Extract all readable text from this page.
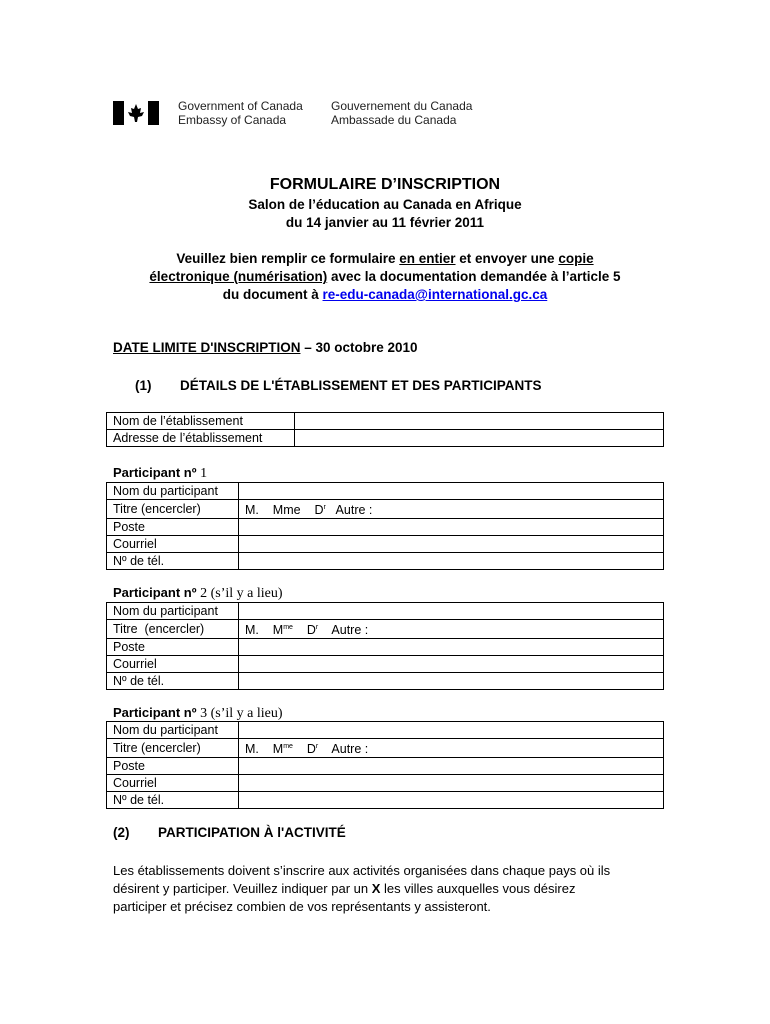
Government of Canada
Embassy of Canada
Gouvernement du Canada
Ambassade du Canada
FORMULAIRE D’INSCRIPTION
Salon de l’éducation au Canada en Afrique
du 14 janvier au 11 février 2011
Veuillez bien remplir ce formulaire en entier et envoyer une copie
électronique (numérisation) avec la documentation demandée à l’article 5
du document à re-edu-canada@international.gc.ca
DATE LIMITE D'INSCRIPTION – 30 octobre 2010
(1) DÉTAILS DE L'ÉTABLISSEMENT ET DES PARTICIPANTS
Nom de l’établissement	
Adresse de l’établissement	
Participant nº 1
Nom du participant	
Titre (encercler)	M.    Mme    $D^r$   Autre :
Poste	
Courriel	
Nº de tél.	
Participant nº 2 (s’il y a lieu)
Nom du participant	
Titre  (encercler)	M.    $M^{me}$    $D^r$    Autre :
Poste	
Courriel	
Nº de tél.	
Participant nº 3 (s’il y a lieu)
Nom du participant	
Titre (encercler)	M.    $M^{me}$    $D^r$    Autre :
Poste	
Courriel	
Nº de tél.	
(2) PARTICIPATION À l'ACTIVITÉ
Les établissements doivent s’inscrire aux activités organisées dans chaque pays où ils
désirent y participer. Veuillez indiquer par un X les villes auxquelles vous désirez
participer et précisez combien de vos représentants y assisteront.
